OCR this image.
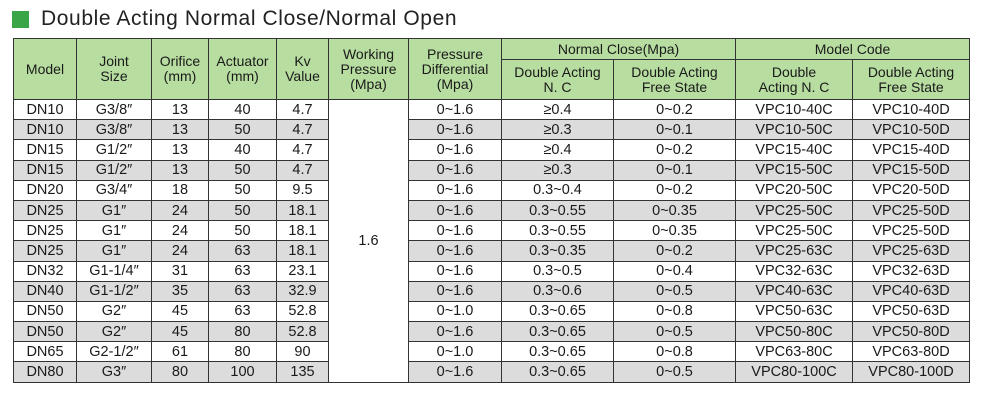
Double Acting Normal Close/Normal Open
Model	Joint Size	Orifice (mm)	Actuator (mm)	Kv Value	Working Pressure (Mpa)	Pressure Differential (Mpa)	Normal Close(Mpa)		Model Code	
							Double Acting N. C	Double Acting Free State	Double Acting N. C	Double Acting Free State
DN10	G3/8″	13	40	4.7	1.6	0~1.6	≥0.4	0~0.2	VPC10-40C	VPC10-40D
DN10	G3/8″	13	50	4.7		0~1.6	≥0.3	0~0.1	VPC10-50C	VPC10-50D
DN15	G1/2″	13	40	4.7		0~1.6	≥0.4	0~0.2	VPC15-40C	VPC15-40D
DN15	G1/2″	13	50	4.7		0~1.6	≥0.3	0~0.1	VPC15-50C	VPC15-50D
DN20	G3/4″	18	50	9.5		0~1.6	0.3~0.4	0~0.2	VPC20-50C	VPC20-50D
DN25	G1″	24	50	18.1		0~1.6	0.3~0.55	0~0.35	VPC25-50C	VPC25-50D
DN25	G1″	24	50	18.1		0~1.6	0.3~0.55	0~0.35	VPC25-50C	VPC25-50D
DN25	G1″	24	63	18.1		0~1.6	0.3~0.35	0~0.2	VPC25-63C	VPC25-63D
DN32	G1-1/4″	31	63	23.1		0~1.6	0.3~0.5	0~0.4	VPC32-63C	VPC32-63D
DN40	G1-1/2″	35	63	32.9		0~1.6	0.3~0.6	0~0.5	VPC40-63C	VPC40-63D
DN50	G2″	45	63	52.8		0~1.0	0.3~0.65	0~0.8	VPC50-63C	VPC50-63D
DN50	G2″	45	80	52.8		0~1.6	0.3~0.65	0~0.5	VPC50-80C	VPC50-80D
DN65	G2-1/2″	61	80	90		0~1.0	0.3~0.65	0~0.8	VPC63-80C	VPC63-80D
DN80	G3″	80	100	135		0~1.6	0.3~0.65	0~0.5	VPC80-100C	VPC80-100D
